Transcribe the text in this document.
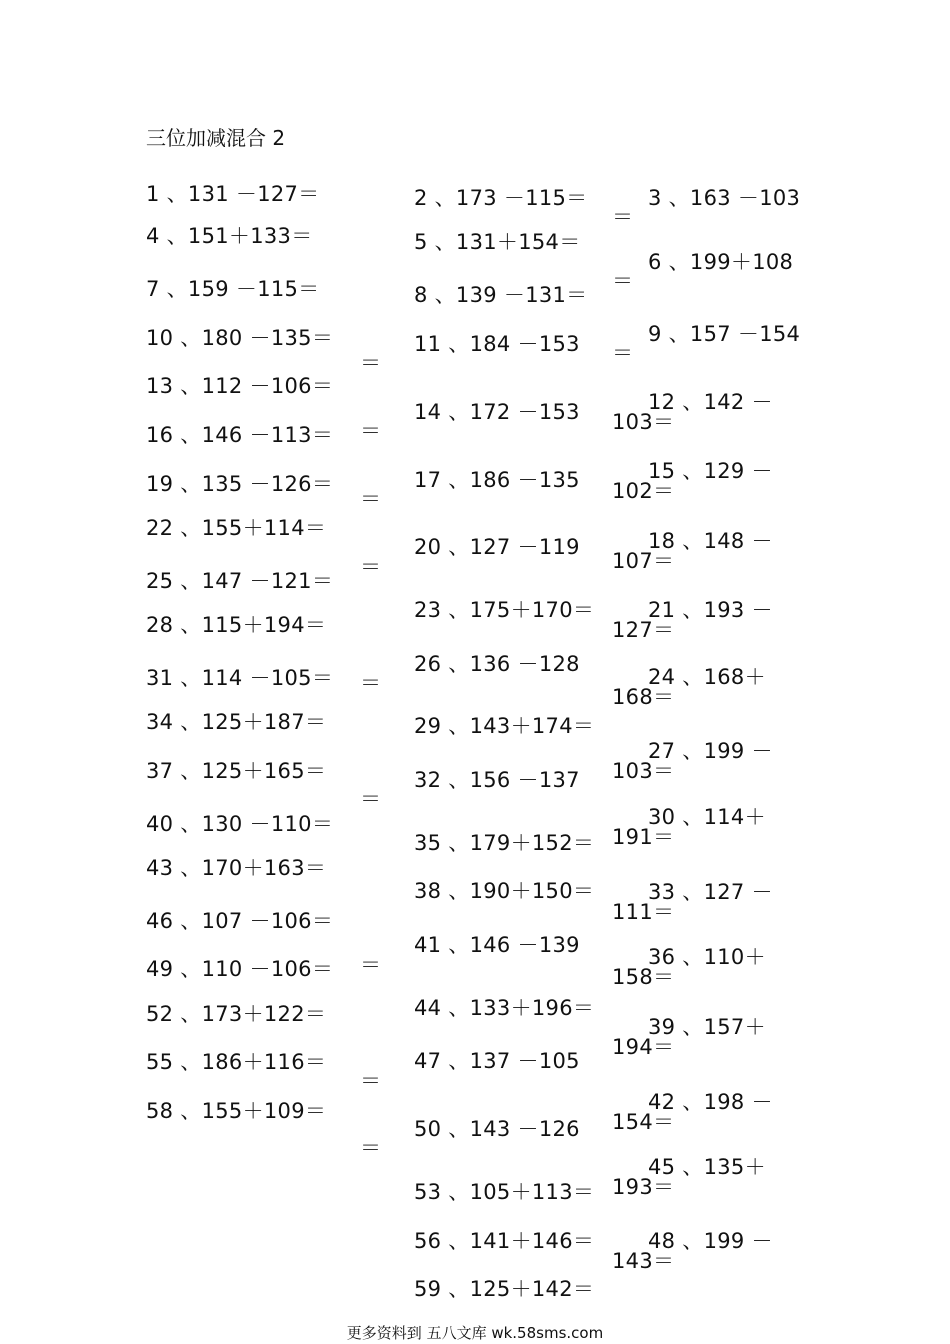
三位加减混合 2
1 、131 －127＝
4 、151＋133＝
7 、159 －115＝
10 、180 －135＝
13 、112 －106＝
16 、146 －113＝
19 、135 －126＝
22 、155＋114＝
25 、147 －121＝
28 、115＋194＝
31 、114 －105＝
34 、125＋187＝
37 、125＋165＝
40 、130 －110＝
43 、170＋163＝
46 、107 －106＝
49 、110 －106＝
52 、173＋122＝
55 、186＋116＝
58 、155＋109＝
＝
＝
＝
＝
＝
＝
＝
＝
＝
2 、173 －115＝
5 、131＋154＝
8 、139 －131＝
11 、184 －153
14 、172 －153
17 、186 －135
20 、127 －119
23 、175＋170＝
26 、136 －128
29 、143＋174＝
32 、156 －137
35 、179＋152＝
38 、190＋150＝
41 、146 －139
44 、133＋196＝
47 、137 －105
50 、143 －126
53 、105＋113＝
56 、141＋146＝
59 、125＋142＝
＝
＝
＝
3 、163 －103
6 、199＋108
9 、157 －154
12 、142 －
15 、129 －
18 、148 －
21 、193 －
24 、168＋
27 、199 －
30 、114＋
33 、127 －
36 、110＋
39 、157＋
42 、198 －
45 、135＋
48 、199 －
103＝
102＝
107＝
127＝
168＝
103＝
191＝
111＝
158＝
194＝
154＝
193＝
143＝
更多资料到 五八文库 wk.58sms.com
